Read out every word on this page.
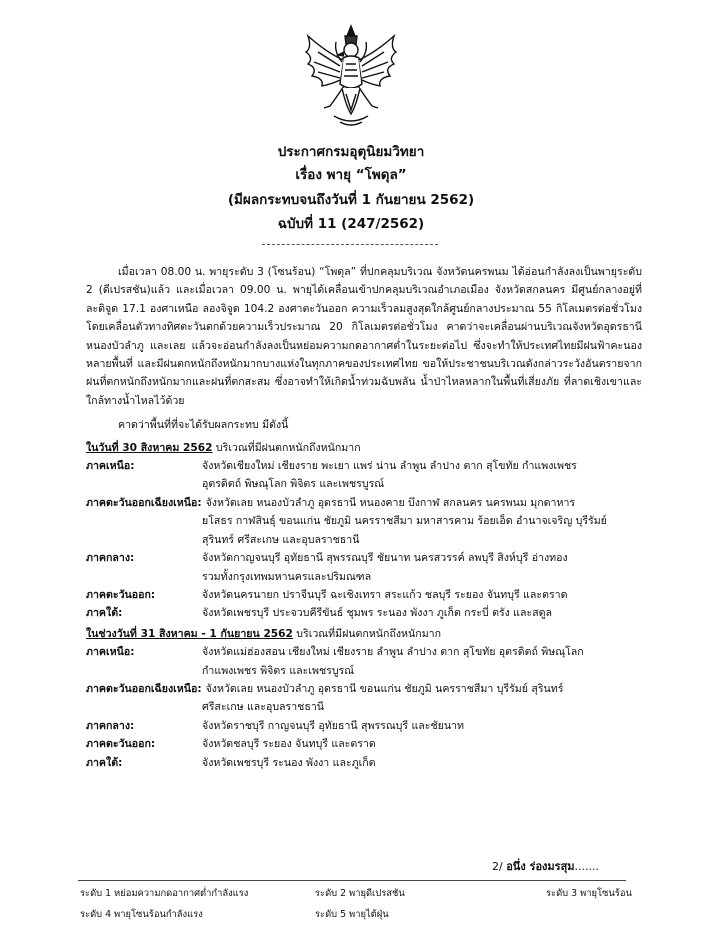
ประกาศกรมอุตุนิยมวิทยา
เรื่อง พายุ “โพดุล”
(มีผลกระทบจนถึงวันที่ 1 กันยายน 2562)
ฉบับที่ 11 (247/2562)

เมื่อเวลา 08.00 น. พายุระดับ 3 (โซนร้อน) “โพดุล” ที่ปกคลุมบริเวณ จังหวัดนครพนม ได้อ่อนกำลังลงเป็นพายุระดับ 2 (ดีเปรสชัน)แล้ว และเมื่อเวลา 09.00 น. พายุได้เคลื่อนเข้าปกคลุมบริเวณอำเภอเมือง จังหวัดสกลนคร มีศูนย์กลางอยู่ที่ละติจูด 17.1 องศาเหนือ ลองจิจูด 104.2 องศาตะวันออก ความเร็วลมสูงสุดใกล้ศูนย์กลางประมาณ 55 กิโลเมตรต่อชั่วโมง โดยเคลื่อนตัวทางทิศตะวันตกด้วยความเร็วประมาณ 20 กิโลเมตรต่อชั่วโมง คาดว่าจะเคลื่อนผ่านบริเวณจังหวัดอุดรธานี หนองบัวลำภู และเลย แล้วจะอ่อนกำลังลงเป็นหย่อมความกดอากาศต่ำในระยะต่อไป ซึ่งจะทำให้ประเทศไทยมีฝนฟ้าคะนองหลายพื้นที่ และมีฝนตกหนักถึงหนักมากบางแห่งในทุกภาคของประเทศไทย ขอให้ประชาชนบริเวณดังกล่าวระวังอันตรายจากฝนที่ตกหนักถึงหนักมากและฝนที่ตกสะสม ซึ่งอาจทำให้เกิดน้ำท่วมฉับพลัน น้ำป่าไหลหลากในพื้นที่เสี่ยงภัย ที่ลาดเชิงเขาและใกล้ทางน้ำไหลไว้ด้วย

คาดว่าพื้นที่ที่จะได้รับผลกระทบ มีดังนี้

ในวันที่ 30 สิงหาคม 2562 บริเวณที่มีฝนตกหนักถึงหนักมาก
ภาคเหนือ:	จังหวัดเชียงใหม่ เชียงราย พะเยา แพร่ น่าน ลำพูน ลำปาง ตาก สุโขทัย กำแพงเพชร
อุตรดิตถ์ พิษณุโลก พิจิตร และเพชรบูรณ์
ภาคตะวันออกเฉียงเหนือ: จังหวัดเลย หนองบัวลำภู อุดรธานี หนองคาย บึงกาฬ สกลนคร นครพนม มุกดาหาร
ยโสธร กาฬสินธุ์ ขอนแก่น ชัยภูมิ นครราชสีมา มหาสารคาม ร้อยเอ็ด อำนาจเจริญ บุรีรัมย์
สุรินทร์ ศรีสะเกษ และอุบลราชธานี
ภาคกลาง:	จังหวัดกาญจนบุรี อุทัยธานี สุพรรณบุรี ชัยนาท นครสวรรค์ ลพบุรี สิงห์บุรี อ่างทอง
รวมทั้งกรุงเทพมหานครและปริมณฑล
ภาคตะวันออก:	จังหวัดนครนายก ปราจีนบุรี ฉะเชิงเทรา สระแก้ว ชลบุรี ระยอง จันทบุรี และตราด
ภาคใต้:	จังหวัดเพชรบุรี ประจวบคีรีขันธ์ ชุมพร ระนอง พังงา ภูเก็ต กระบี่ ตรัง และสตูล
ในช่วงวันที่ 31 สิงหาคม - 1 กันยายน 2562 บริเวณที่มีฝนตกหนักถึงหนักมาก
ภาคเหนือ:	จังหวัดแม่ฮ่องสอน เชียงใหม่ เชียงราย ลำพูน ลำปาง ตาก สุโขทัย อุตรดิตถ์ พิษณุโลก
กำแพงเพชร พิจิตร และเพชรบูรณ์
ภาคตะวันออกเฉียงเหนือ: จังหวัดเลย หนองบัวลำภู อุดรธานี ขอนแก่น ชัยภูมิ นครราชสีมา บุรีรัมย์ สุรินทร์
ศรีสะเกษ และอุบลราชธานี
ภาคกลาง:	จังหวัดราชบุรี กาญจนบุรี อุทัยธานี สุพรรณบุรี และชัยนาท
ภาคตะวันออก:	จังหวัดชลบุรี ระยอง จันทบุรี และตราด
ภาคใต้:	จังหวัดเพชรบุรี ระนอง พังงา และภูเก็ต
2/ อนึ่ง ร่องมรสุม.......
ระดับ 1 หย่อมความกดอากาศต่ำกำลังแรง	ระดับ 2 พายุดีเปรสชัน	ระดับ 3 พายุโซนร้อน
ระดับ 4 พายุโซนร้อนกำลังแรง	ระดับ 5 พายุไต้ฝุ่น
